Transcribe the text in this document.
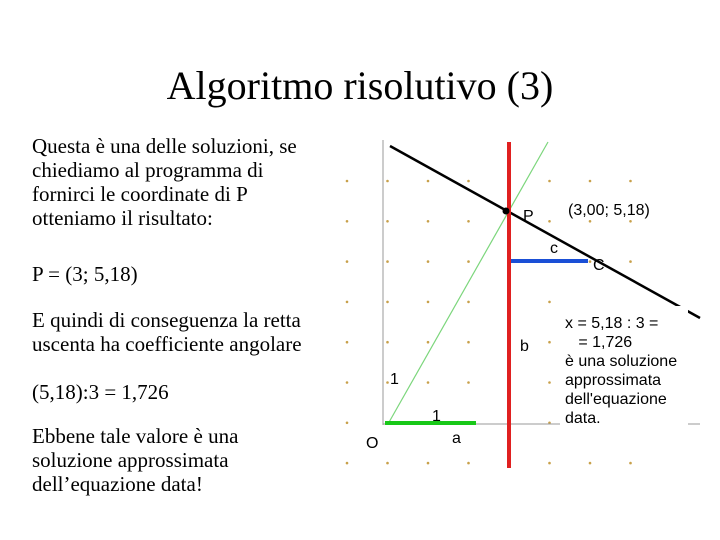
Algoritmo risolutivo (3)
Questa è una delle soluzioni, se
chiediamo al programma di
fornirci le coordinate di P
otteniamo il risultato:
P = (3; 5,18)
E quindi di conseguenza la retta
uscenta ha coefficiente angolare
(5,18):3 = 1,726
Ebbene tale valore è una
soluzione approssimata
dell’equazione data!
P (3,00; 5,18)
c
C
b
a
1
1
O
x = 5,18 : 3 =   = 1,726 è una soluzione approssimata dell'equazione data.
